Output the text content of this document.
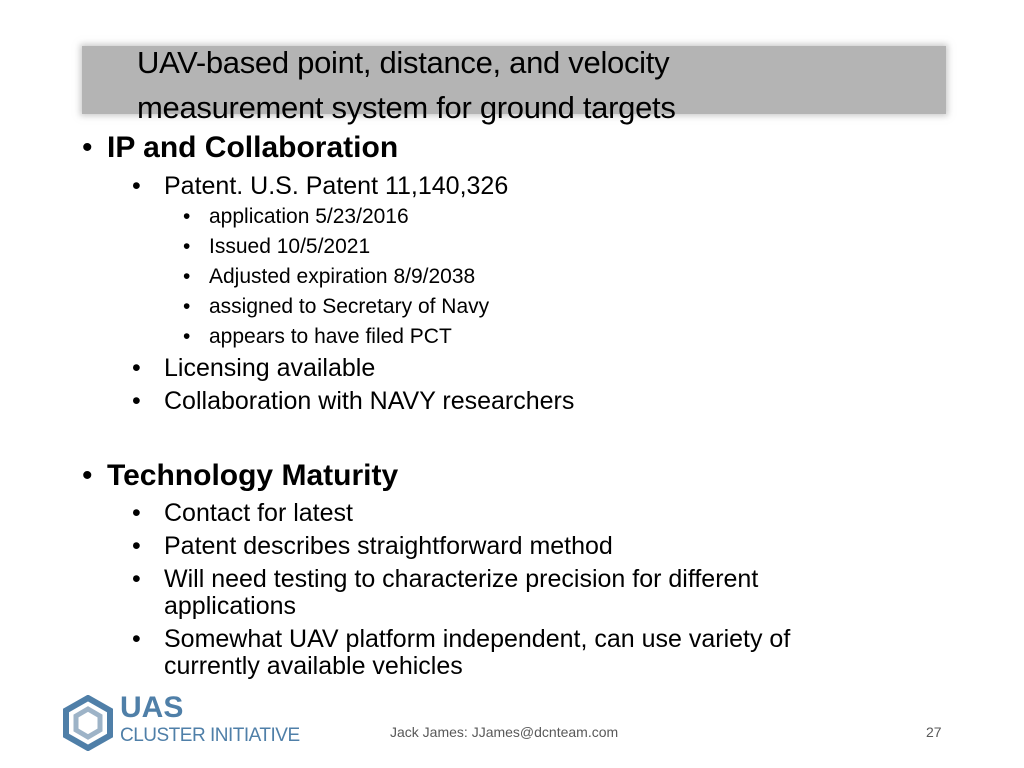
UAV-based point, distance, and velocity
measurement system for ground targets
• IP and Collaboration
• Patent. U.S. Patent 11,140,326
• application 5/23/2016
• Issued 10/5/2021
• Adjusted expiration 8/9/2038
• assigned to Secretary of Navy
• appears to have filed PCT
• Licensing available
• Collaboration with NAVY researchers
• Technology Maturity
• Contact for latest
• Patent describes straightforward method
• Will need testing to characterize precision for different
applications
• Somewhat UAV platform independent, can use variety of
currently available vehicles
UAS
CLUSTER INITIATIVE	Jack James: JJames@dcnteam.com	27
